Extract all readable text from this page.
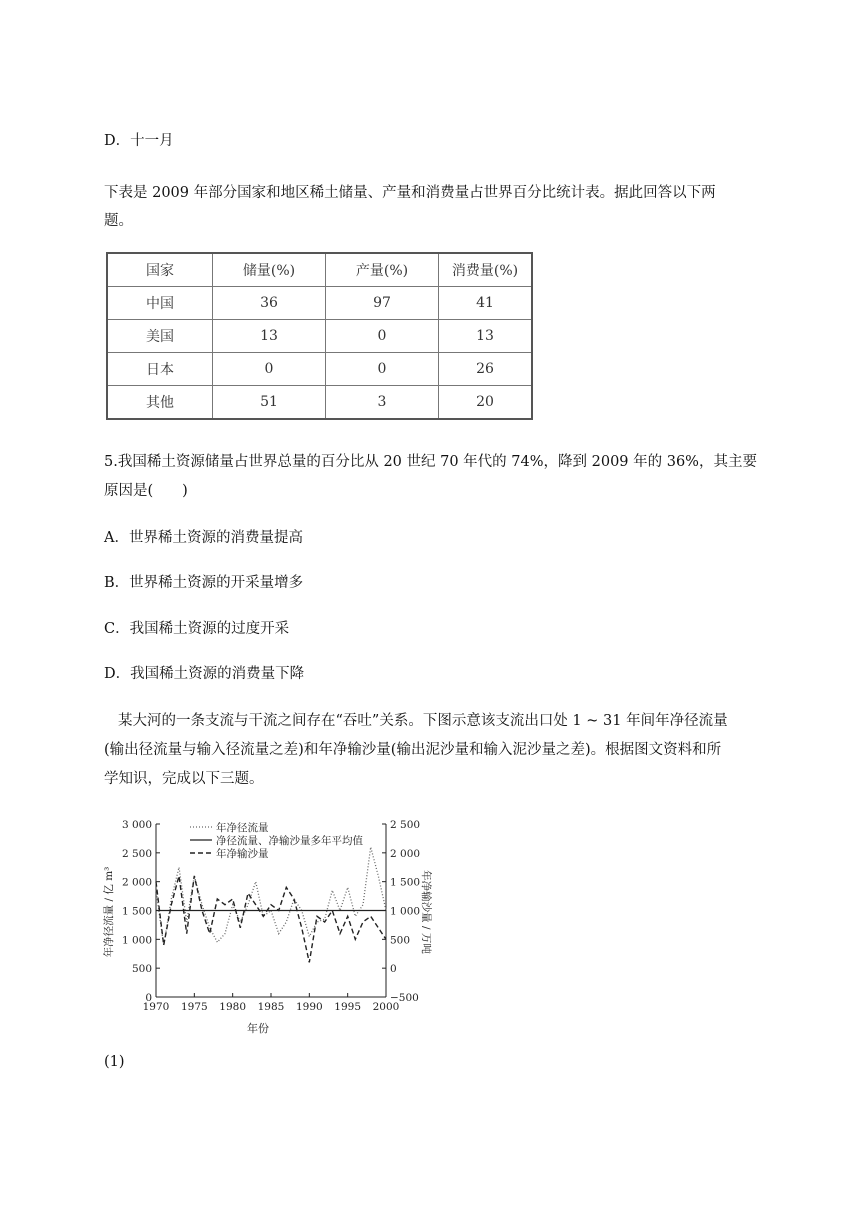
D．十一月
下表是 2009 年部分国家和地区稀土储量、产量和消费量占世界百分比统计表。据此回答以下两
题。
国家	储量(%)	产量(%)	消费量(%)
中国	36	97	41
美国	13	0	13
日本	0	0	26
其他	51	3	20
5.我国稀土资源储量占世界总量的百分比从 20 世纪 70 年代的 74%，降到 2009 年的 36%，其主要
原因是(　　)
A．世界稀土资源的消费量提高
B．世界稀土资源的开采量增多
C．我国稀土资源的过度开采
D．我国稀土资源的消费量下降
某大河的一条支流与干流之间存在“吞吐”关系。下图示意该支流出口处 1 ~ 31 年间年净径流量
(输出径流量与输入径流量之差)和年净输沙量(输出泥沙量和输入泥沙量之差)。根据图文资料和所
学知识，完成以下三题。
0
500
1 000
1 500
2 000
2 500
3 000
−500
0
500
1 000
1 500
2 000
2 500
1970 1975 1980 1985 1990 1995 2000
年净径流量
净径流量、净输沙量多年平均值
年净输沙量
年份
年净径流量 / 亿 m³	年净输沙量 / 万吨
(1)
